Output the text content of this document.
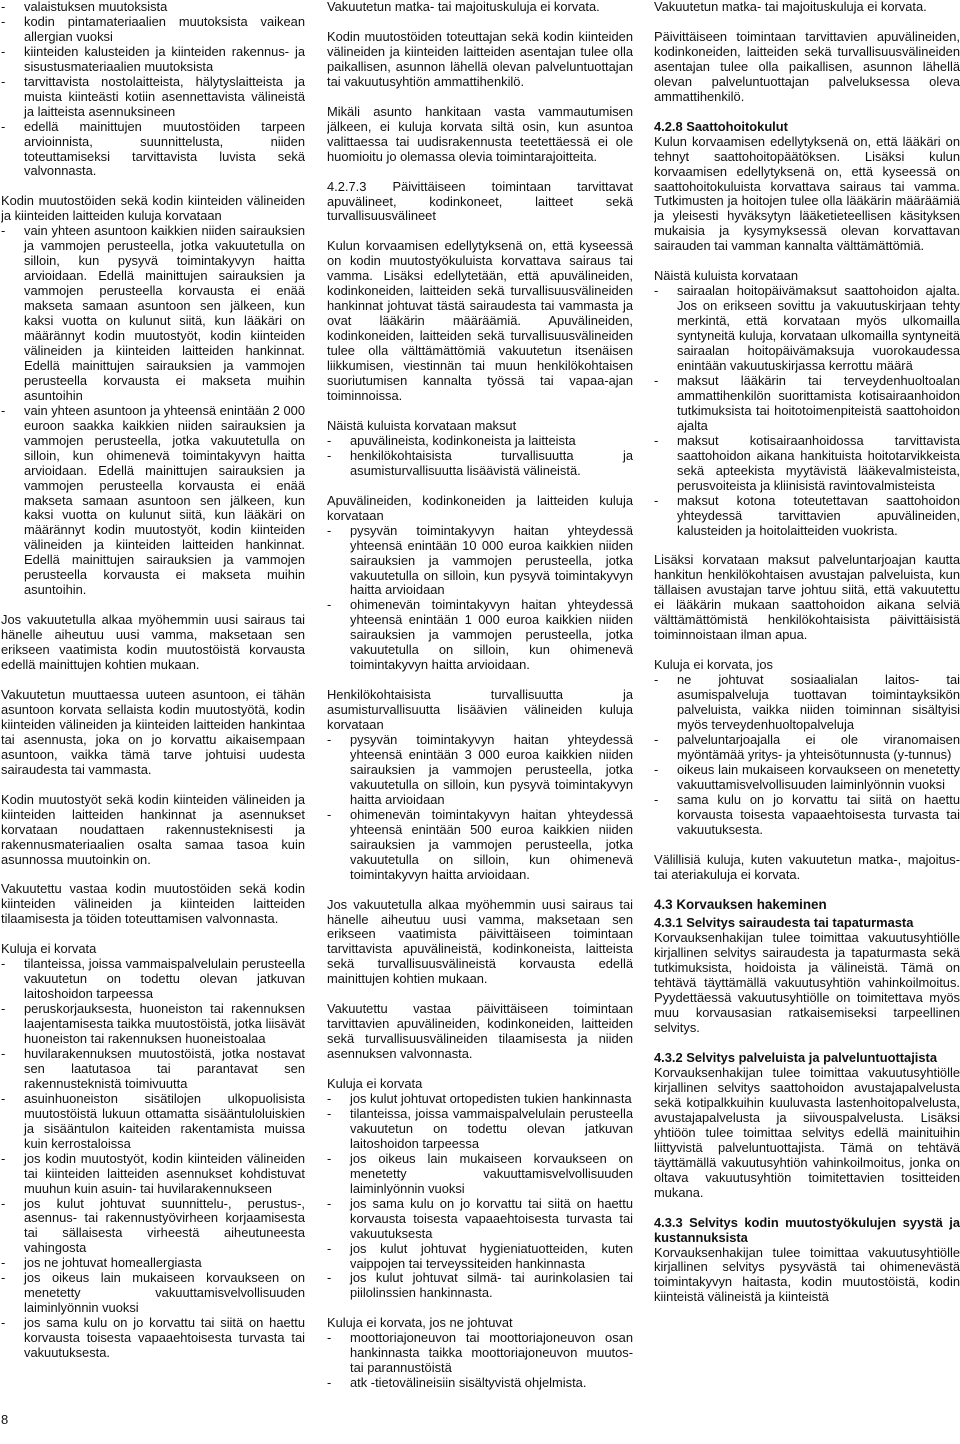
- valaistuksen muutoksista
- kodin pintamateriaalien muutoksista vaikean allergian vuoksi
- kiinteiden kalusteiden ja kiinteiden rakennus- ja sisustusmateriaalien muutoksista
- tarvittavista nostolaitteista, hälytyslaitteista ja muista kiinteästi kotiin asennettavista välineistä ja laitteista asennuksineen
- edellä mainittujen muutostöiden tarpeen arvioinnista, suunnittelusta, niiden toteuttamiseksi tarvittavista luvista sekä valvonnasta.
Kodin muutostöiden sekä kodin kiinteiden välineiden ja kiinteiden laitteiden kuluja korvataan
- vain yhteen asuntoon kaikkien niiden sairauksien ja vammojen perusteella, jotka vakuutetulla on silloin, kun pysyvä toimintakyvyn haitta arvioidaan. Edellä mainittujen sairauksien ja vammojen perusteella korvausta ei enää makseta samaan asuntoon sen jälkeen, kun kaksi vuotta on kulunut siitä, kun lääkäri on määrännyt kodin muutostyöt, kodin kiinteiden välineiden ja kiinteiden laitteiden hankinnat. Edellä mainittujen sairauksien ja vammojen perusteella korvausta ei makseta muihin asuntoihin
- vain yhteen asuntoon ja yhteensä enintään 2 000 euroon saakka kaikkien niiden sairauksien ja vammojen perusteella, jotka vakuutetulla on silloin, kun ohimenevä toimintakyvyn haitta arvioidaan. Edellä mainittujen sairauksien ja vammojen perusteella korvausta ei enää makseta samaan asuntoon sen jälkeen, kun kaksi vuotta on kulunut siitä, kun lääkäri on määrännyt kodin muutostyöt, kodin kiinteiden välineiden ja kiinteiden laitteiden hankinnat. Edellä mainittujen sairauksien ja vammojen perusteella korvausta ei makseta muihin asuntoihin.
Jos vakuutetulla alkaa myöhemmin uusi sairaus tai hänelle aiheutuu uusi vamma, maksetaan sen erikseen vaatimista kodin muutostöistä korvausta edellä mainittujen kohtien mukaan.
Vakuutetun muuttaessa uuteen asuntoon, ei tähän asuntoon korvata sellaista kodin muutostyötä, kodin kiinteiden välineiden ja kiinteiden laitteiden hankintaa tai asennusta, joka on jo korvattu aikaisempaan asuntoon, vaikka tämä tarve johtuisi uudesta sairaudesta tai vammasta.
Kodin muutostyöt sekä kodin kiinteiden välineiden ja kiinteiden laitteiden hankinnat ja asennukset korvataan noudattaen rakennusteknisesti ja rakennusmateriaalien osalta samaa tasoa kuin asunnossa muutoinkin on.
Vakuutettu vastaa kodin muutostöiden sekä kodin kiinteiden välineiden ja kiinteiden laitteiden tilaamisesta ja töiden toteuttamisen valvonnasta.
Kuluja ei korvata
- tilanteissa, joissa vammaispalvelulain perusteella vakuutetun on todettu olevan jatkuvan laitoshoidon tarpeessa
- peruskorjauksesta, huoneiston tai rakennuksen laajentamisesta taikka muutostöistä, jotka liisävät huoneiston tai rakennuksen huoneistoalaa
- huvilarakennuksen muutostöistä, jotka nostavat sen laatutasoa tai parantavat sen rakennusteknistä toimivuutta
- asuinhuoneiston sisätilojen ulkopuolisista muutostöistä lukuun ottamatta sisääntuloluiskien ja sisääntulon kaiteiden rakentamista muissa kuin kerrostaloissa
- jos kodin muutostyöt, kodin kiinteiden välineiden tai kiinteiden laitteiden asennukset kohdistuvat muuhun kuin asuin- tai huvilarakennukseen
- jos kulut johtuvat suunnittelu-, perustus-, asennus- tai rakennustyövirheen korjaamisesta tai sällaisesta virheestä aiheutuneesta vahingosta
- jos ne johtuvat homeallergiasta
- jos oikeus lain mukaiseen korvaukseen on menetetty vakuuttamisvelvollisuuden laiminlyönnin vuoksi
- jos sama kulu on jo korvattu tai siitä on haettu korvausta toisesta vapaaehtoisesta turvasta tai vakuutuksesta.
Vakuutetun matka- tai majoituskuluja ei korvata.
Kodin muutostöiden toteuttajan sekä kodin kiinteiden välineiden ja kiinteiden laitteiden asentajan tulee olla paikallisen, asunnon lähellä olevan palveluntuottajan tai vakuutusyhtiön ammattihenkilö.
Mikäli asunto hankitaan vasta vammautumisen jälkeen, ei kuluja korvata siltä osin, kun asuntoa valittaessa tai uudisrakennusta teetettäessä ei ole huomioitu jo olemassa olevia toimintarajoitteita.
4.2.7.3 Päivittäiseen toimintaan tarvittavat apuvälineet, kodinkoneet, laitteet sekä turvallisuusvälineet
Kulun korvaamisen edellytyksenä on, että kyseessä on kodin muutostyökuluista korvattava sairaus tai vamma. Lisäksi edellytetään, että apuvälineiden, kodinkoneiden, laitteiden sekä turvallisuusvälineiden hankinnat johtuvat tästä sairaudesta tai vammasta ja ovat lääkärin määräämiä. Apuvälineiden, kodinkoneiden, laitteiden sekä turvallisuusvälineiden tulee olla välttämättömiä vakuutetun itsenäisen liikkumisen, viestinnän tai muun henkilökohtaisen suoriutumisen kannalta työssä tai vapaa-ajan toiminnoissa.
Näistä kuluista korvataan maksut
- apuvälineista, kodinkoneista ja laitteista
- henkilökohtaisista turvallisuutta ja asumisturvallisuutta lisäävistä välineistä.
Apuvälineiden, kodinkoneiden ja laitteiden kuluja korvataan
- pysyvän toimintakyvyn haitan yhteydessä yhteensä enintään 10 000 euroa kaikkien niiden sairauksien ja vammojen perusteella, jotka vakuutetulla on silloin, kun pysyvä toimintakyvyn haitta arvioidaan
- ohimenevän toimintakyvyn haitan yhteydessä yhteensä enintään 1 000 euroa kaikkien niiden sairauksien ja vammojen perusteella, jotka vakuutetulla on silloin, kun ohimenevä toimintakyvyn haitta arvioidaan.
Henkilökohtaisista turvallisuutta ja asumisturvallisuutta lisäävien välineiden kuluja korvataan
- pysyvän toimintakyvyn haitan yhteydessä yhteensä enintään 3 000 euroa kaikkien niiden sairauksien ja vammojen perusteella, jotka vakuutetulla on silloin, kun pysyvä toimintakyvyn haitta arvioidaan
- ohimenevän toimintakyvyn haitan yhteydessä yhteensä enintään 500 euroa kaikkien niiden sairauksien ja vammojen perusteella, jotka vakuutetulla on silloin, kun ohimenevä toimintakyvyn haitta arvioidaan.
Jos vakuutetulla alkaa myöhemmin uusi sairaus tai hänelle aiheutuu uusi vamma, maksetaan sen erikseen vaatimista päivittäiseen toimintaan tarvittavista apuvälineistä, kodinkoneista, laitteista sekä turvallisuusvälineistä korvausta edellä mainittujen kohtien mukaan.
Vakuutettu vastaa päivittäiseen toimintaan tarvittavien apuvälineiden, kodinkoneiden, laitteiden sekä turvallisuusvälineiden tilaamisesta ja niiden asennuksen valvonnasta.
Kuluja ei korvata
- jos kulut johtuvat ortopedisten tukien hankinnasta
- tilanteissa, joissa vammaispalvelulain perusteella vakuutetun on todettu olevan jatkuvan laitoshoidon tarpeessa
- jos oikeus lain mukaiseen korvaukseen on menetetty vakuuttamisvelvollisuuden laiminlyönnin vuoksi
- jos sama kulu on jo korvattu tai siitä on haettu korvausta toisesta vapaaehtoisesta turvasta tai vakuutuksesta
- jos kulut johtuvat hygieniatuotteiden, kuten vaippojen tai terveyssiteiden hankinnasta
- jos kulut johtuvat silmä- tai aurinkolasien tai piilolinssien hankinnasta.
Kuluja ei korvata, jos ne johtuvat
- moottoriajoneuvon tai moottoriajoneuvon osan hankinnasta taikka moottoriajoneuvon muutos- tai parannustöistä
- atk -tietovälineisiin sisältyvistä ohjelmista.
Vakuutetun matka- tai majoituskuluja ei korvata.
Päivittäiseen toimintaan tarvittavien apuvälineiden, kodinkoneiden, laitteiden sekä turvallisuusvälineiden asentajan tulee olla paikallisen, asunnon lähellä olevan palveluntuottajan palveluksessa oleva ammattihenkilö.
4.2.8 Saattohoitokulut
Kulun korvaamisen edellytyksenä on, että lääkäri on tehnyt saattohoitopäätöksen. Lisäksi kulun korvaamisen edellytyksenä on, että kyseessä on saattohoitokuluista korvattava sairaus tai vamma. Tutkimusten ja hoitojen tulee olla lääkärin määräämiä ja yleisesti hyväksytyn lääketieteellisen käsityksen mukaisia ja kysymyksessä olevan korvattavan sairauden tai vamman kannalta välttämättömiä.
Näistä kuluista korvataan
- sairaalan hoitopäivämaksut saattohoidon ajalta. Jos on erikseen sovittu ja vakuutuskirjaan tehty merkintä, että korvataan myös ulkomailla syntyneitä kuluja, korvataan ulkomailla syntyneitä sairaalan hoitopäivämaksuja vuorokaudessa enintään vakuutuskirjassa kerrottu määrä
- maksut lääkärin tai terveydenhuoltoalan ammattihenkilön suorittamista kotisairaanhoidon tutkimuksista tai hoitotoimenpiteistä saattohoidon ajalta
- maksut kotisairaanhoidossa tarvittavista saattohoidon aikana hankituista hoitotarvikkeista sekä apteekista myytävistä lääkevalmisteista, perusvoiteista ja kliinisistä ravintovalmisteista
- maksut kotona toteutettavan saattohoidon yhteydessä tarvittavien apuvälineiden, kalusteiden ja hoitolaitteiden vuokrista.
Lisäksi korvataan maksut palveluntarjoajan kautta hankitun henkilökohtaisen avustajan palveluista, kun tällaisen avustajan tarve johtuu siitä, että vakuutettu ei lääkärin mukaan saattohoidon aikana selviä välttämättömistä henkilökohtaisista päivittäisistä toiminnoistaan ilman apua.
Kuluja ei korvata, jos
- ne johtuvat sosiaalialan laitos- tai asumispalveluja tuottavan toimintayksikön palveluista, vaikka niiden toiminnan sisältyisi myös terveydenhuoltopalveluja
- palveluntarjoajalla ei ole viranomaisen myöntämää yritys- ja yhteisötunnusta (y-tunnus)
- oikeus lain mukaiseen korvaukseen on menetetty vakuuttamisvelvollisuuden laiminlyönnin vuoksi
- sama kulu on jo korvattu tai siitä on haettu korvausta toisesta vapaaehtoisesta turvasta tai vakuutuksesta.
Välillisiä kuluja, kuten vakuutetun matka-, majoitus- tai ateriakuluja ei korvata.
4.3 Korvauksen hakeminen
4.3.1 Selvitys sairaudesta tai tapaturmasta
Korvauksenhakijan tulee toimittaa vakuutusyhtiölle kirjallinen selvitys sairaudesta ja tapaturmasta sekä tutkimuksista, hoidoista ja välineistä. Tämä on tehtävä täyttämällä vakuutusyhtiön vahinkoilmoitus. Pyydettäessä vakuutusyhtiölle on toimitettava myös muu korvausasian ratkaisemiseksi tarpeellinen selvitys.
4.3.2 Selvitys palveluista ja palveluntuottajista
Korvauksenhakijan tulee toimittaa vakuutusyhtiölle kirjallinen selvitys saattohoidon avustajapalvelusta sekä kotipalkkuihin kuuluvasta lastenhoitopalvelusta, avustajapalvelusta ja siivouspalvelusta. Lisäksi yhtiöön tulee toimittaa selvitys edellä mainituihin liittyvistä palveluntuottajista. Tämä on tehtävä täyttämällä vakuutusyhtiön vahinkoilmoitus, jonka on oltava vakuutusyhtiön toimitettavien tositteiden mukana.
4.3.3 Selvitys kodin muutostyökulujen syystä ja kustannuksista
Korvauksenhakijan tulee toimittaa vakuutusyhtiölle kirjallinen selvitys pysyvästä tai ohimenevästä toimintakyvyn haitasta, kodin muutostöistä, kodin kiinteistä välineistä ja kiinteistä
8
